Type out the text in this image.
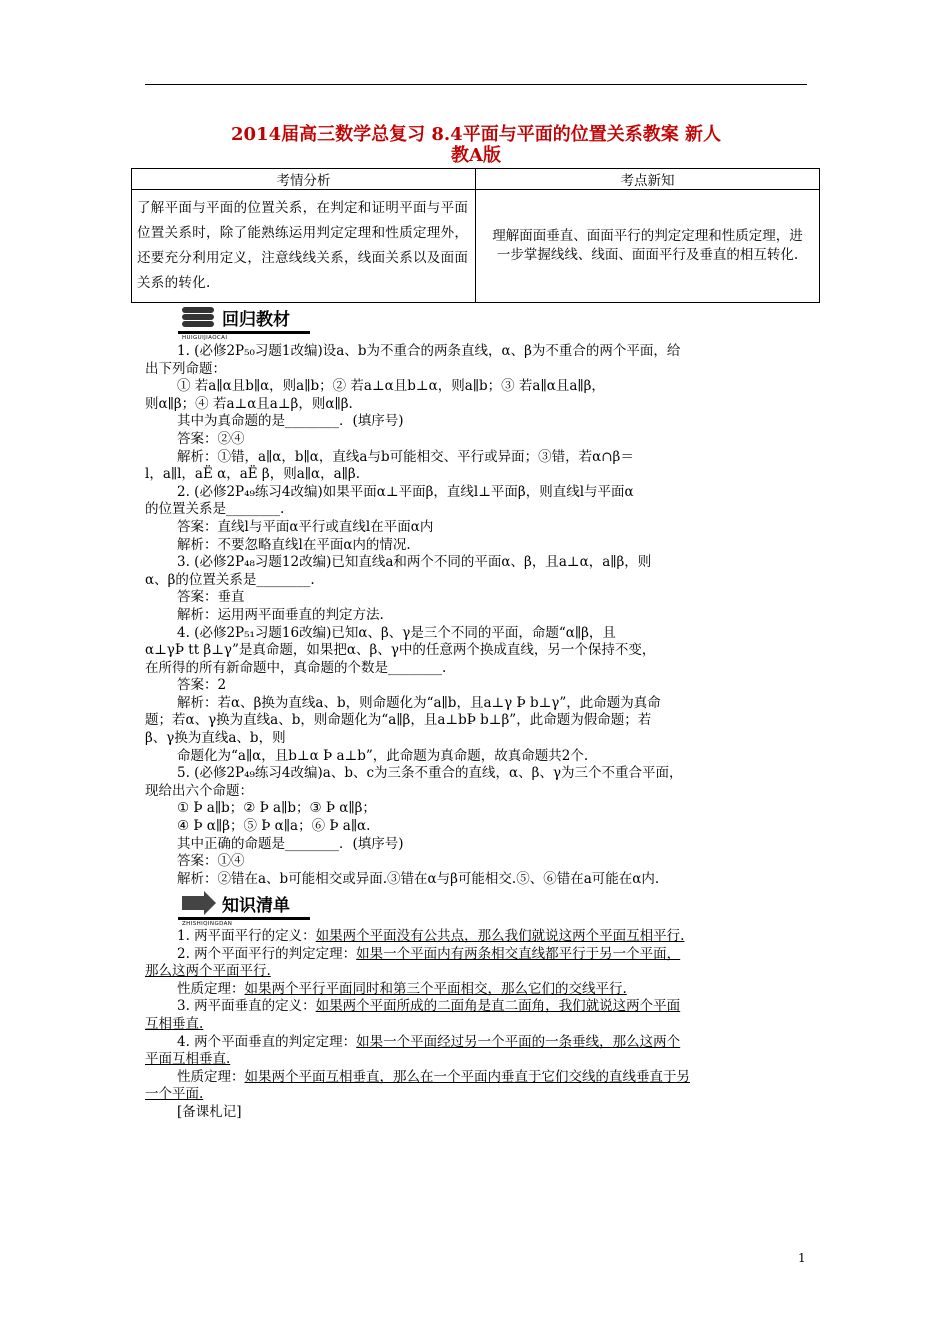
2014届高三数学总复习 8.4平面与平面的位置关系教案 新人
教A版
考情分析	考点新知
了解平面与平面的位置关系，在判定和证明平面与平面位置关系时，除了能熟练运用判定定理和性质定理外，还要充分利用定义，注意线线关系，线面关系以及面面关系的转化.	理解面面垂直、面面平行的判定定理和性质定理，进一步掌握线线、线面、面面平行及垂直的相互转化.
回归教材
HUIGUIJIAOCAI

1. (必修2P₅₀习题1改编)设a、b为不重合的两条直线，α、β为不重合的两个平面，给

出下列命题：

① 若a∥α且b∥α，则a∥b；② 若a⊥α且b⊥α，则a∥b；③ 若a∥α且a∥β，

则α∥β；④ 若a⊥α且a⊥β，则α∥β.

其中为真命题的是________．(填序号)

答案：②④

解析：①错，a∥α，b∥α，直线a与b可能相交、平行或异面；③错，若α∩β＝

l，a∥l，aË α，aË β，则a∥α，a∥β.

2. (必修2P₄₉练习4改编)如果平面α⊥平面β，直线l⊥平面β，则直线l与平面α

的位置关系是________.

答案：直线l与平面α平行或直线l在平面α内

解析：不要忽略直线l在平面α内的情况.

3. (必修2P₄₈习题12改编)已知直线a和两个不同的平面α、β，且a⊥α，a∥β，则

α、β的位置关系是________.

答案：垂直

解析：运用两平面垂直的判定方法.

4. (必修2P₅₁习题16改编)已知α、β、γ是三个不同的平面，命题“α∥β，且

α⊥γÞ tt β⊥γ”是真命题，如果把α、β、γ中的任意两个换成直线，另一个保持不变，

在所得的所有新命题中，真命题的个数是________.

答案：2

解析：若α、β换为直线a、b，则命题化为“a∥b，且a⊥γ Þ b⊥γ”，此命题为真命

题；若α、γ换为直线a、b，则命题化为“a∥β，且a⊥bÞ b⊥β”，此命题为假命题；若

β、γ换为直线a、b，则

命题化为“a∥α，且b⊥α Þ a⊥b”，此命题为真命题，故真命题共2个.

5. (必修2P₄₉练习4改编)a、b、c为三条不重合的直线，α、β、γ为三个不重合平面，

现给出六个命题：

① Þ a∥b；② Þ a∥b；③ Þ α∥β；

④ Þ α∥β；⑤ Þ α∥a；⑥ Þ a∥α.

其中正确的命题是________．(填序号)

答案：①④

解析：②错在a、b可能相交或异面.③错在α与β可能相交.⑤、⑥错在a可能在α内.

知识清单
ZHISHIQINGDAN

1. 两平面平行的定义：如果两个平面没有公共点，那么我们就说这两个平面互相平行.

2. 两个平面平行的判定定理：如果一个平面内有两条相交直线都平行于另一个平面，

那么这两个平面平行.

性质定理：如果两个平行平面同时和第三个平面相交，那么它们的交线平行.

3. 两平面垂直的定义：如果两个平面所成的二面角是直二面角，我们就说这两个平面

互相垂直.

4. 两个平面垂直的判定定理：如果一个平面经过另一个平面的一条垂线，那么这两个

平面互相垂直.

性质定理：如果两个平面互相垂直，那么在一个平面内垂直于它们交线的直线垂直于另

一个平面.

[备课札记]

1
